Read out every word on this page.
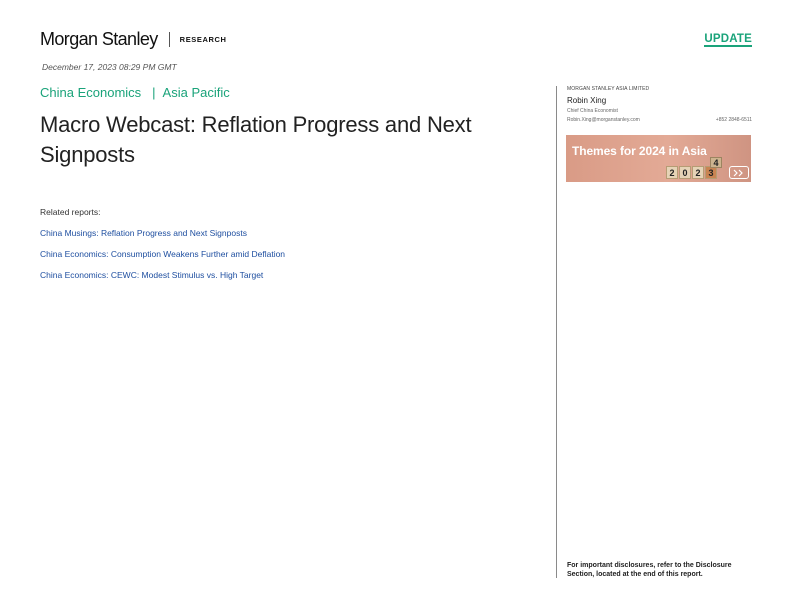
Morgan Stanley	RESEARCH	UPDATE
December 17, 2023 08:29 PM GMT
China Economics | Asia Pacific
Macro Webcast: Reflation Progress and Next Signposts
Related reports:
China Musings: Reflation Progress and Next Signposts
China Economics: Consumption Weakens Further amid Deflation
China Economics: CEWC: Modest Stimulus vs. High Target
MORGAN STANLEY ASIA LIMITED
Robin Xing
Chief China Economist
Robin.Xing@morganstanley.com	+852 2848-6511
Themes for 2024 in Asia
2 0 2 3
4
For important disclosures, refer to the Disclosure Section, located at the end of this report.
